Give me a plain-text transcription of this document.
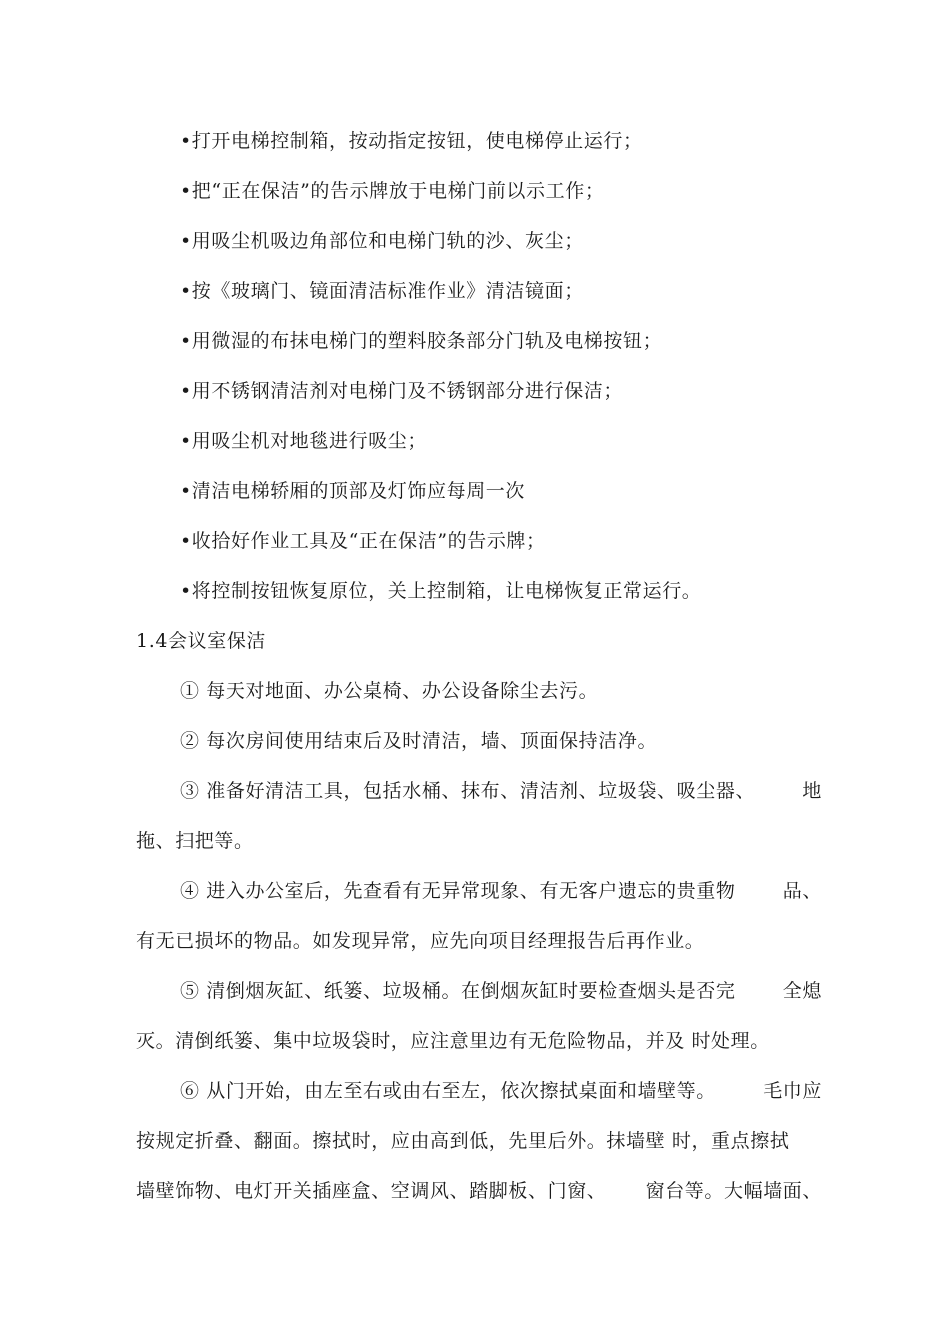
•打开电梯控制箱，按动指定按钮，使电梯停止运行；
•把“正在保洁”的告示牌放于电梯门前以示工作；
•用吸尘机吸边角部位和电梯门轨的沙、灰尘；
•按《玻璃门、镜面清洁标准作业》清洁镜面；
•用微湿的布抹电梯门的塑料胶条部分门轨及电梯按钮；
•用不锈钢清洁剂对电梯门及不锈钢部分进行保洁；
•用吸尘机对地毯进行吸尘；
•清洁电梯轿厢的顶部及灯饰应每周一次
•收拾好作业工具及“正在保洁”的告示牌；
•将控制按钮恢复原位，关上控制箱，让电梯恢复正常运行。
1.4会议室保洁
① 每天对地面、办公桌椅、办公设备除尘去污。
② 每次房间使用结束后及时清洁，墙、顶面保持洁净。
③ 准备好清洁工具，包括水桶、抹布、清洁剂、垃圾袋、吸尘器、 地
拖、扫把等。
④ 进入办公室后，先查看有无异常现象、有无客户遗忘的贵重物 品、
有无已损坏的物品。如发现异常，应先向项目经理报告后再作业。
⑤ 清倒烟灰缸、纸篓、垃圾桶。在倒烟灰缸时要检查烟头是否完 全熄
灭。清倒纸篓、集中垃圾袋时，应注意里边有无危险物品，并及 时处理。
⑥ 从门开始，由左至右或由右至左，依次擦拭桌面和墙壁等。 毛巾应
按规定折叠、翻面。擦拭时，应由高到低，先里后外。抹墙壁 时，重点擦拭
墙壁饰物、电灯开关插座盒、空调风、踏脚板、门窗、 窗台等。大幅墙面、
